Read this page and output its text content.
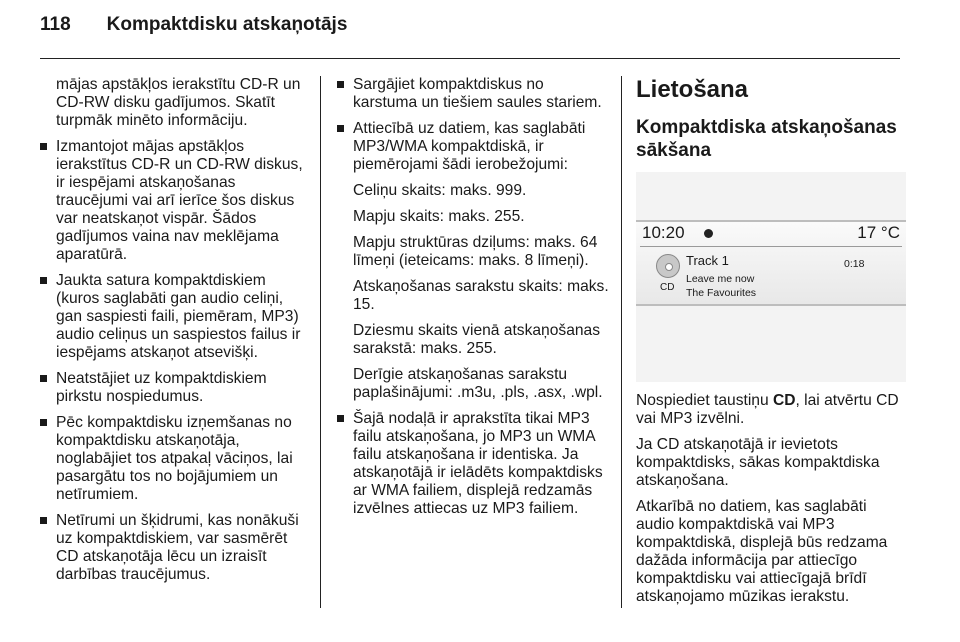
118 Kompaktdisku atskaņotājs

mājas apstākļos ierakstītu CD-R un CD-RW disku gadījumos. Skatīt turpmāk minēto informāciju.

Izmantojot mājas apstākļos ierakstītus CD-R un CD-RW diskus, ir iespējami atskaņošanas traucējumi vai arī ierīce šos diskus var neatskaņot vispār. Šādos gadījumos vaina nav meklējama aparatūrā.
Jaukta satura kompaktdiskiem (kuros saglabāti gan audio celiņi, gan saspiesti faili, piemēram, MP3) audio celiņus un saspiestos failus ir iespējams atskaņot atsevišķi.
Neatstājiet uz kompaktdiskiem pirkstu nospiedumus.
Pēc kompaktdisku izņemšanas no kompaktdisku atskaņotāja, noglabājiet tos atpakaļ vāciņos, lai pasargātu tos no bojājumiem un netīrumiem.
Netīrumi un šķidrumi, kas nonākuši uz kompaktdiskiem, var sasmērēt CD atskaņotāja lēcu un izraisīt darbības traucējumus.
Sargājiet kompaktdiskus no karstuma un tiešiem saules stariem.
Attiecībā uz datiem, kas saglabāti MP3/WMA kompaktdiskā, ir piemērojami šādi ierobežojumi:

Celiņu skaits: maks. 999.

Mapju skaits: maks. 255.

Mapju struktūras dziļums: maks. 64 līmeņi (ieteicams: maks. 8 līmeņi).

Atskaņošanas sarakstu skaits: maks. 15.

Dziesmu skaits vienā atskaņošanas sarakstā: maks. 255.

Derīgie atskaņošanas sarakstu paplašinājumi: .m3u, .pls, .asx, .wpl.

Šajā nodaļā ir aprakstīta tikai MP3 failu atskaņošana, jo MP3 un WMA failu atskaņošana ir identiska. Ja atskaņotājā ir ielādēts kompaktdisks ar WMA failiem, displejā redzamās izvēlnes attiecas uz MP3 failiem.
Lietošana
Kompaktdiska atskaņošanas sākšana
10:20	17 °C
CD
Track 1
Leave me now
The Favourites
0:18

Nospiediet taustiņu CD, lai atvērtu CD vai MP3 izvēlni.

Ja CD atskaņotājā ir ievietots kompaktdisks, sākas kompaktdiska atskaņošana.

Atkarībā no datiem, kas saglabāti audio kompaktdiskā vai MP3 kompaktdiskā, displejā būs redzama dažāda informācija par attiecīgo kompaktdisku vai attiecīgajā brīdī atskaņojamo mūzikas ierakstu.
